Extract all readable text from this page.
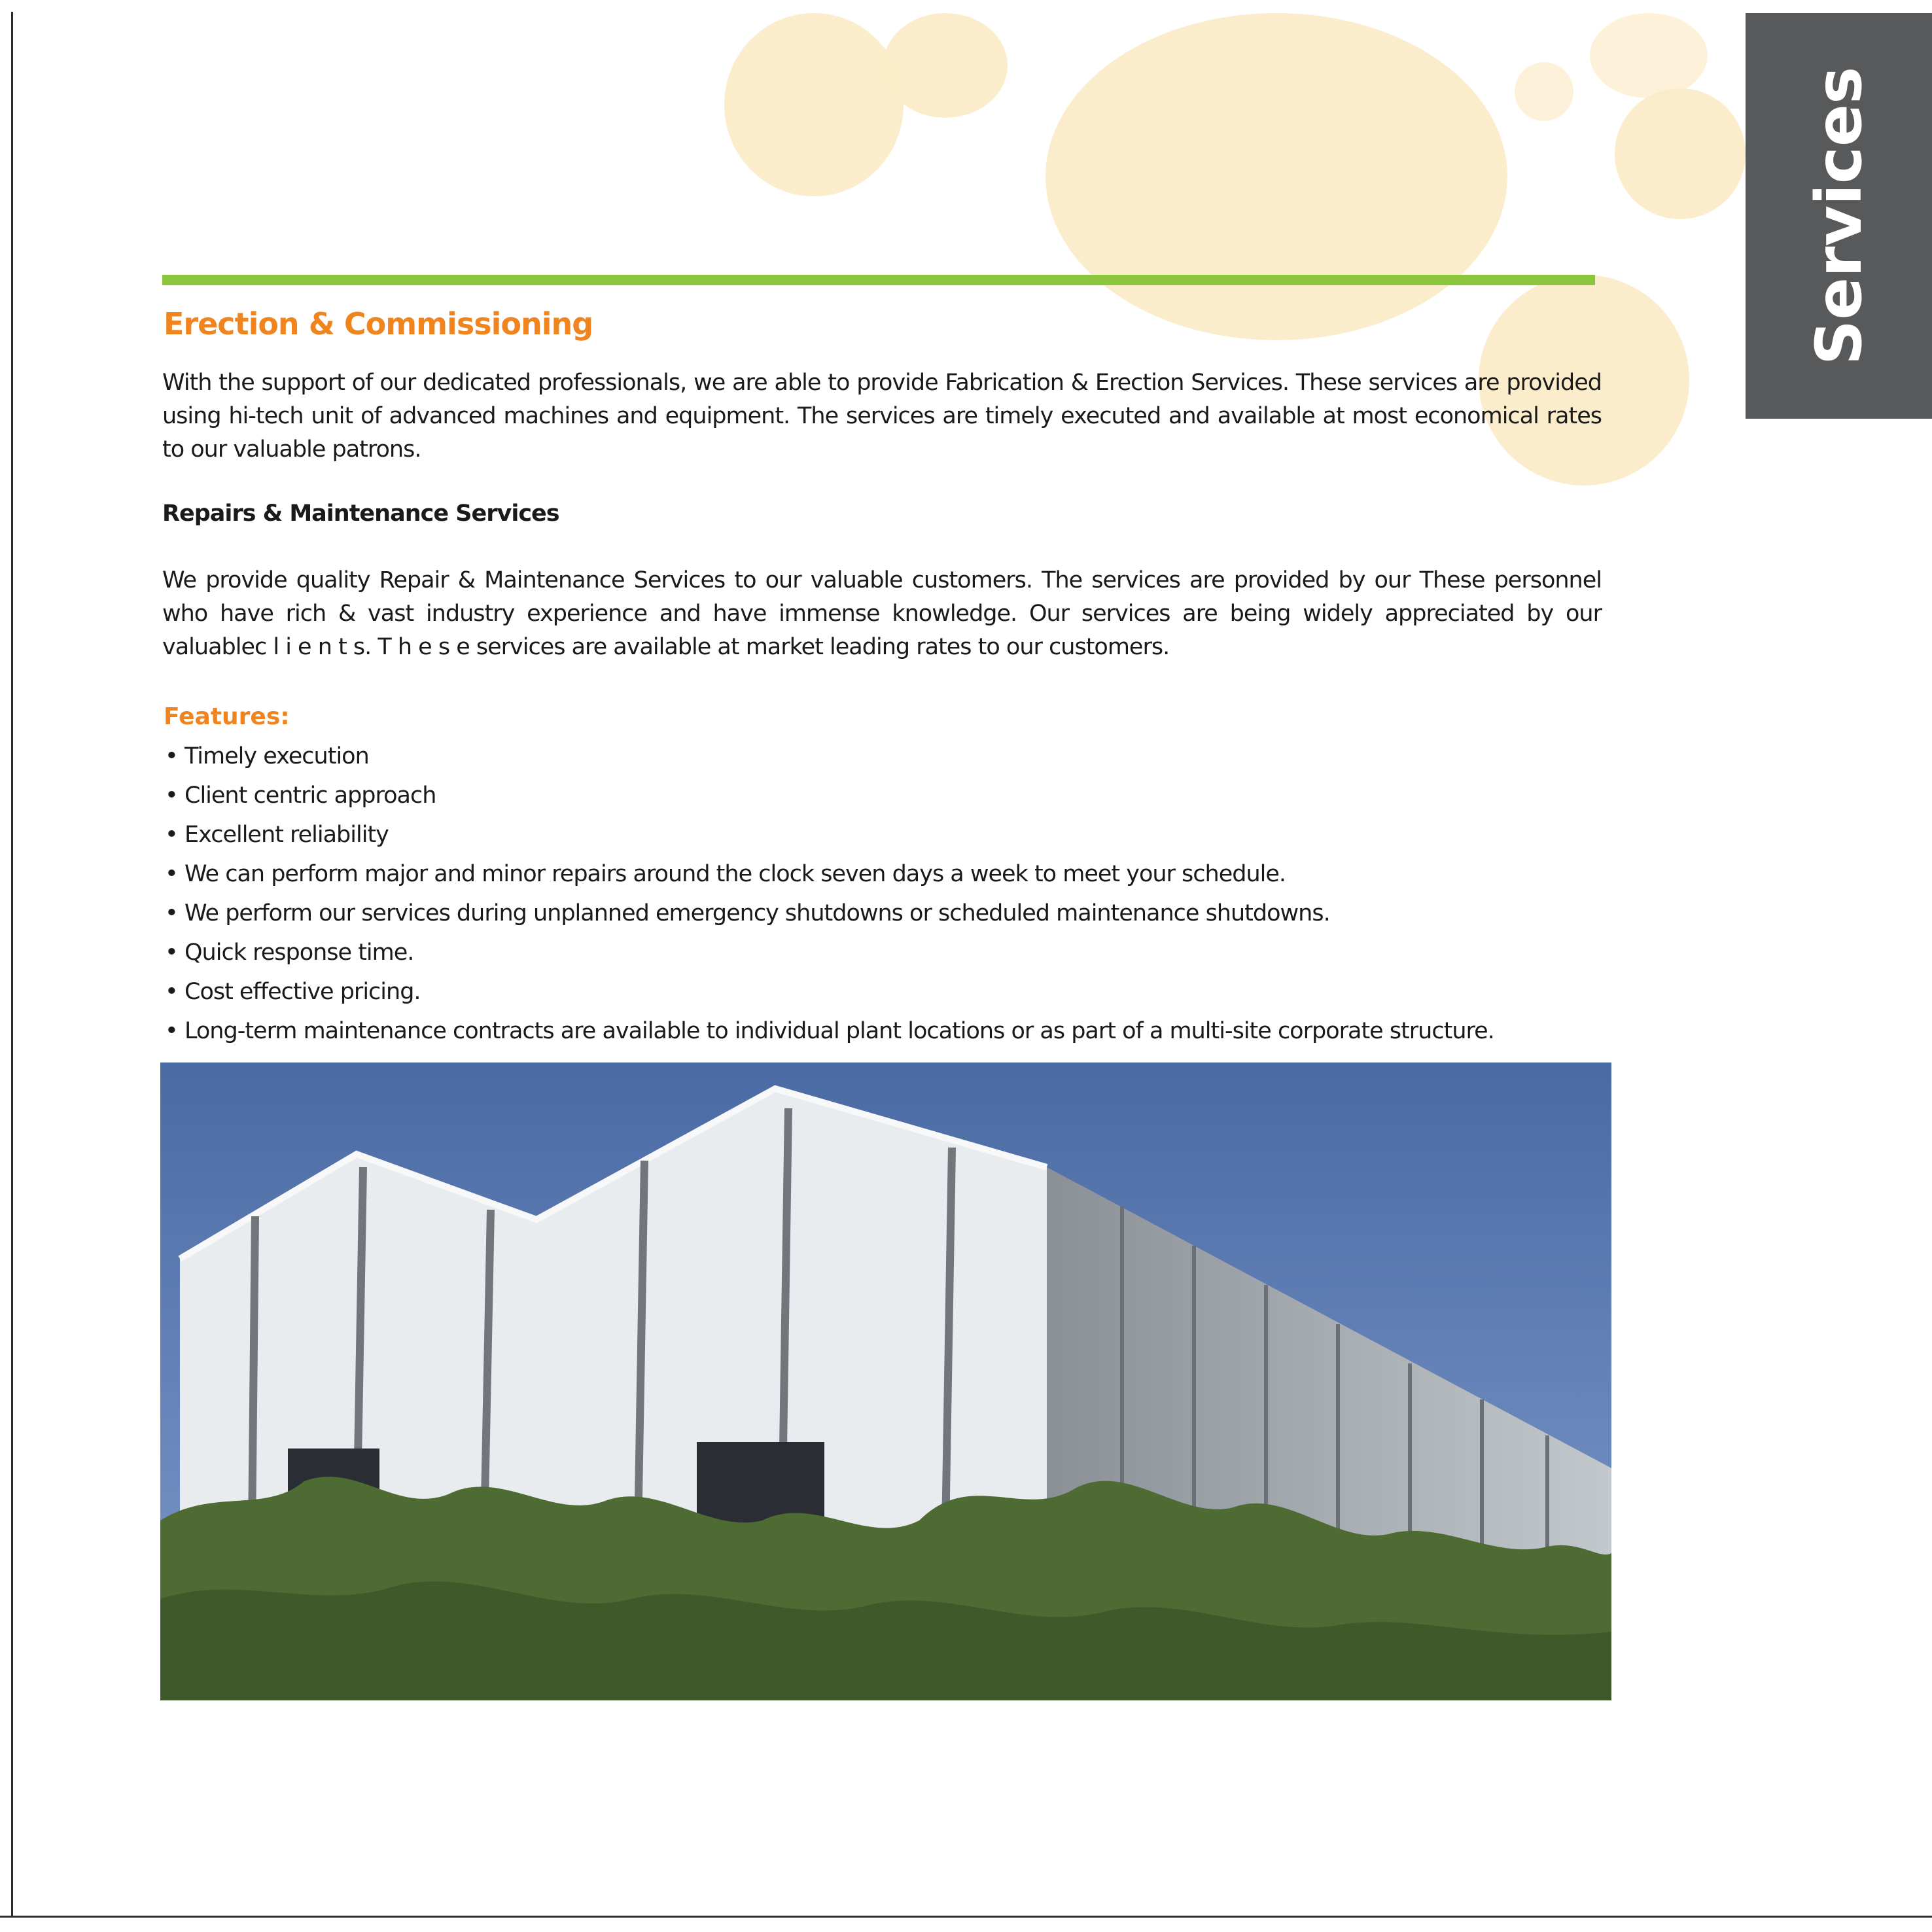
Services
Erection & Commissioning
With the support of our dedicated professionals, we are able to provide Fabrication & Erection Services. These services are provided using hi-tech unit of advanced machines and equipment. The services are timely executed and available at most economical rates to our valuable patrons.
Repairs & Maintenance Services
We provide quality Repair & Maintenance Services to our valuable customers. The services are provided by our These personnel who have rich & vast industry experience and have immense knowledge. Our services are being widely appreciated by our valuablec l i e n t s. T h e s e services are available at market leading rates to our customers.
Features:
• Timely execution
• Client centric approach
• Excellent reliability
• We can perform major and minor repairs around the clock seven days a week to meet your schedule.
• We perform our services during unplanned emergency shutdowns or scheduled maintenance shutdowns.
• Quick response time.
• Cost effective pricing.
• Long-term maintenance contracts are available to individual plant locations or as part of a multi-site corporate structure.
